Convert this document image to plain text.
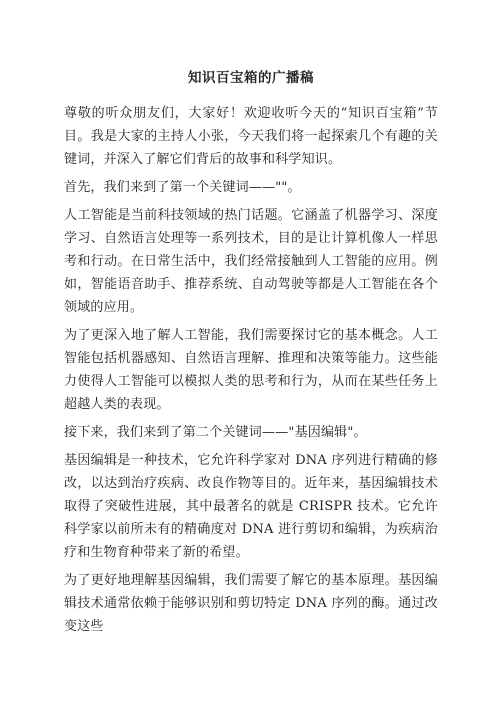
知识百宝箱的广播稿

尊敬的听众朋友们，大家好！欢迎收听今天的“知识百宝箱”节目。我是大家的主持人小张，今天我们将一起探索几个有趣的关键词，并深入了解它们背后的故事和科学知识。

首先，我们来到了第一个关键词——""。

人工智能是当前科技领域的热门话题。它涵盖了机器学习、深度学习、自然语言处理等一系列技术，目的是让计算机像人一样思考和行动。在日常生活中，我们经常接触到人工智能的应用。例如，智能语音助手、推荐系统、自动驾驶等都是人工智能在各个领域的应用。

为了更深入地了解人工智能，我们需要探讨它的基本概念。人工智能包括机器感知、自然语言理解、推理和决策等能力。这些能力使得人工智能可以模拟人类的思考和行为，从而在某些任务上超越人类的表现。

接下来，我们来到了第二个关键词——"基因编辑"。

基因编辑是一种技术，它允许科学家对 DNA 序列进行精确的修改，以达到治疗疾病、改良作物等目的。近年来，基因编辑技术取得了突破性进展，其中最著名的就是 CRISPR 技术。它允许科学家以前所未有的精确度对 DNA 进行剪切和编辑，为疾病治疗和生物育种带来了新的希望。

为了更好地理解基因编辑，我们需要了解它的基本原理。基因编辑技术通常依赖于能够识别和剪切特定 DNA 序列的酶。通过改变这些
